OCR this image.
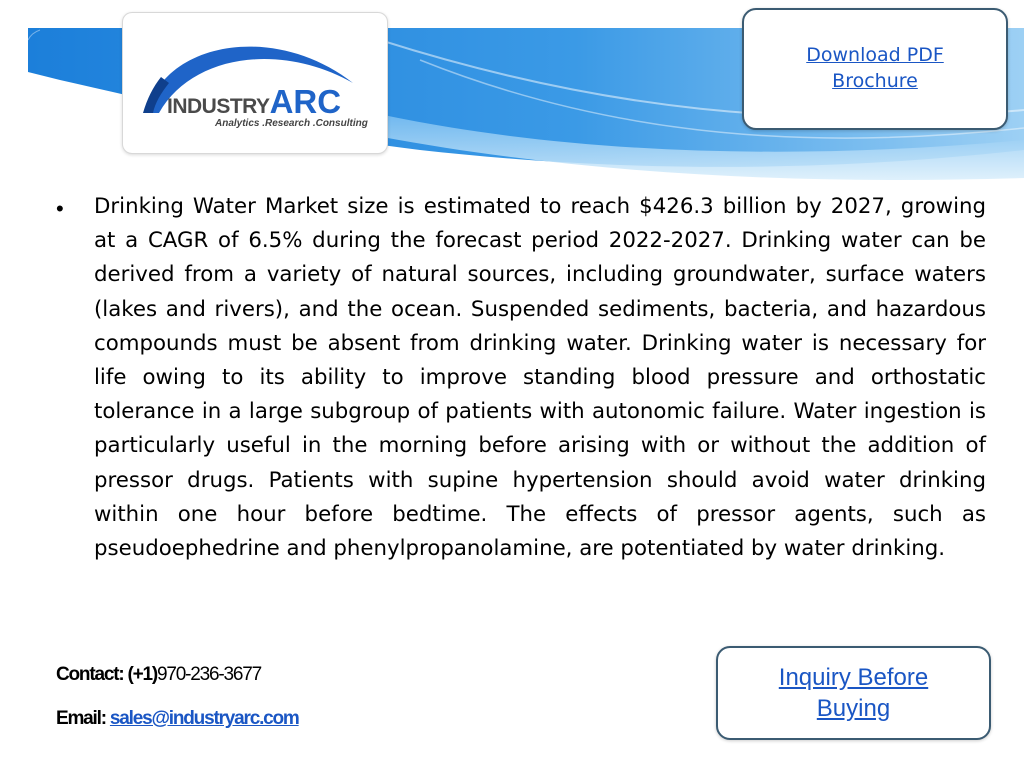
INDUSTRYARC
Analytics .Research .Consulting
Download PDF Brochure
• Drinking Water Market size is estimated to reach $426.3 billion by 2027, growing at a CAGR of 6.5% during the forecast period 2022-2027. Drinking water can be derived from a variety of natural sources, including groundwater, surface waters (lakes and rivers), and the ocean. Suspended sediments, bacteria, and hazardous compounds must be absent from drinking water. Drinking water is necessary for life owing to its ability to improve standing blood pressure and orthostatic tolerance in a large subgroup of patients with autonomic failure. Water ingestion is particularly useful in the morning before arising with or without the addition of pressor drugs. Patients with supine hypertension should avoid water drinking within one hour before bedtime. The effects of pressor agents, such as pseudoephedrine and phenylpropanolamine, are potentiated by water drinking.

Contact: (+1)970-236-3677
Email: sales@industryarc.com
Inquiry Before Buying
